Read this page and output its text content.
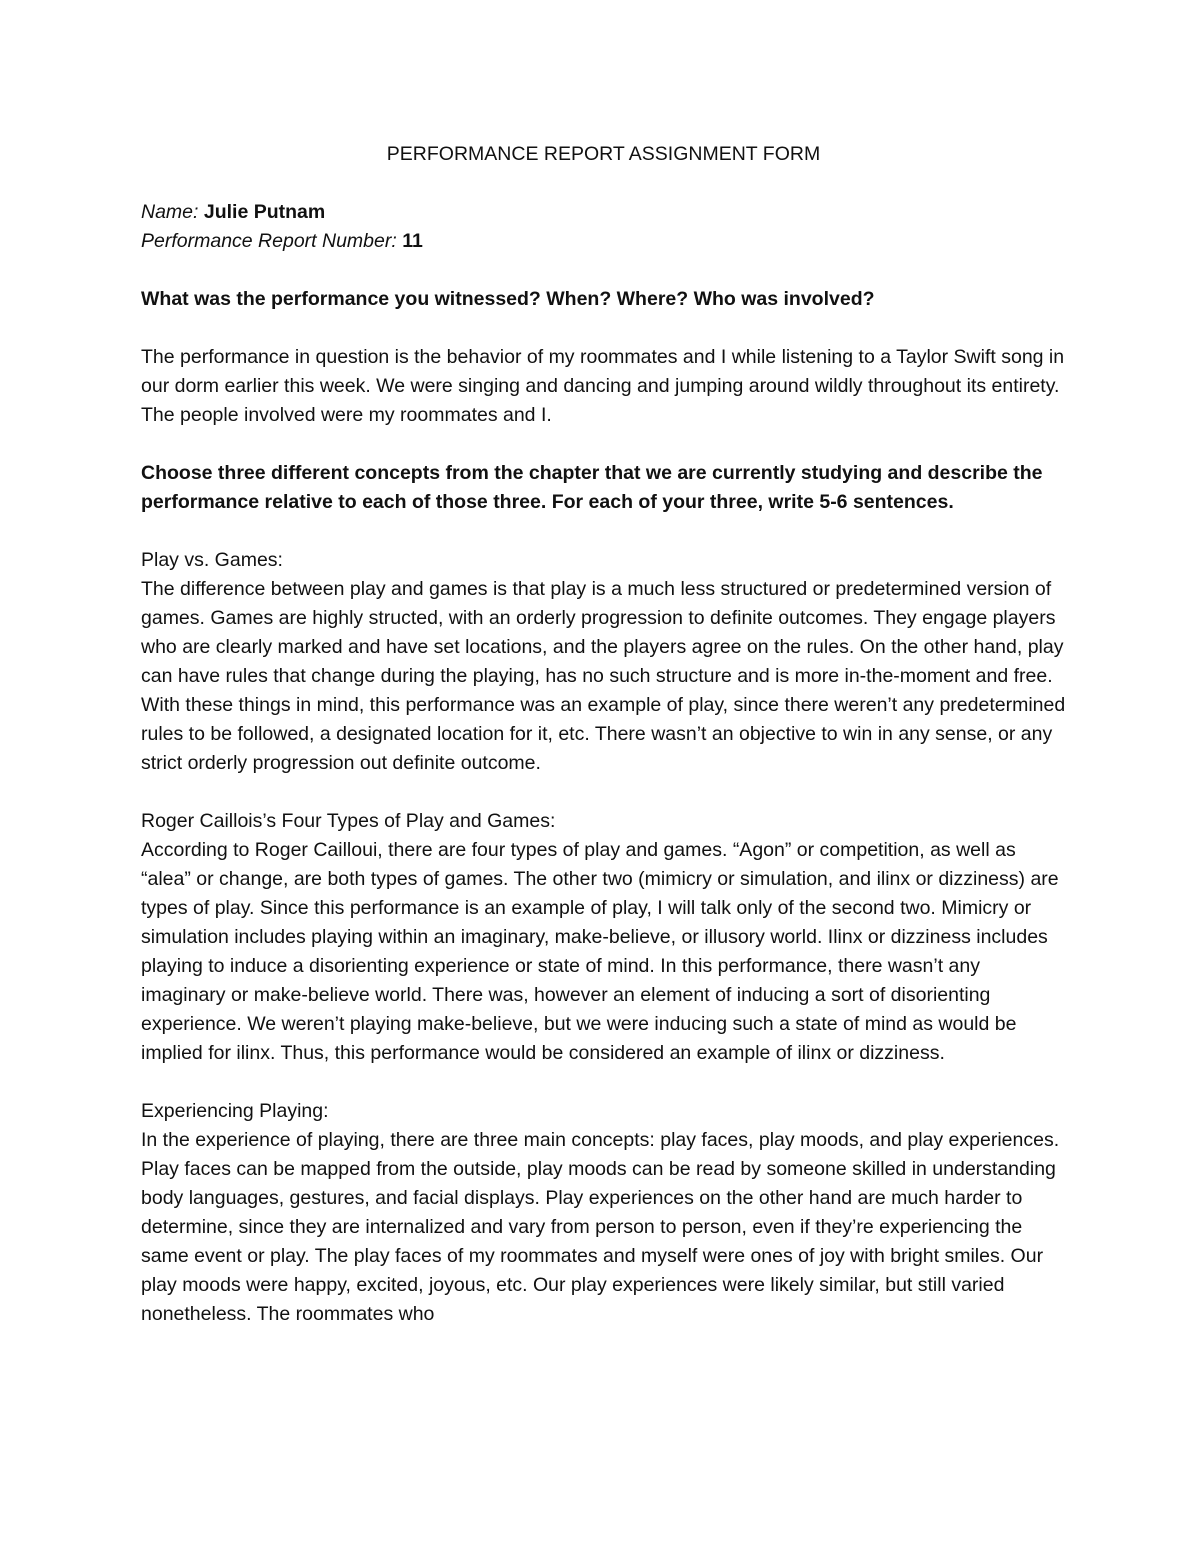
PERFORMANCE REPORT ASSIGNMENT FORM

Name: Julie Putnam

Performance Report Number: 11

What was the performance you witnessed? When? Where? Who was involved?

The performance in question is the behavior of my roommates and I while listening to a Taylor Swift song in our dorm earlier this week. We were singing and dancing and jumping around wildly throughout its entirety. The people involved were my roommates and I.

Choose three different concepts from the chapter that we are currently studying and describe the performance relative to each of those three. For each of your three, write 5-6 sentences.

Play vs. Games:

The difference between play and games is that play is a much less structured or predetermined version of games. Games are highly structed, with an orderly progression to definite outcomes. They engage players who are clearly marked and have set locations, and the players agree on the rules. On the other hand, play can have rules that change during the playing, has no such structure and is more in-the-moment and free. With these things in mind, this performance was an example of play, since there weren’t any predetermined rules to be followed, a designated location for it, etc. There wasn’t an objective to win in any sense, or any strict orderly progression out definite outcome.

Roger Caillois’s Four Types of Play and Games:

According to Roger Cailloui, there are four types of play and games. “Agon” or competition, as well as “alea” or change, are both types of games. The other two (mimicry or simulation, and ilinx or dizziness) are types of play. Since this performance is an example of play, I will talk only of the second two. Mimicry or simulation includes playing within an imaginary, make-believe, or illusory world. Ilinx or dizziness includes playing to induce a disorienting experience or state of mind. In this performance, there wasn’t any imaginary or make-believe world. There was, however an element of inducing a sort of disorienting experience. We weren’t playing make-believe, but we were inducing such a state of mind as would be implied for ilinx. Thus, this performance would be considered an example of ilinx or dizziness.

Experiencing Playing:

In the experience of playing, there are three main concepts: play faces, play moods, and play experiences. Play faces can be mapped from the outside, play moods can be read by someone skilled in understanding body languages, gestures, and facial displays. Play experiences on the other hand are much harder to determine, since they are internalized and vary from person to person, even if they’re experiencing the same event or play. The play faces of my roommates and myself were ones of joy with bright smiles. Our play moods were happy, excited, joyous, etc. Our play experiences were likely similar, but still varied nonetheless. The roommates who
